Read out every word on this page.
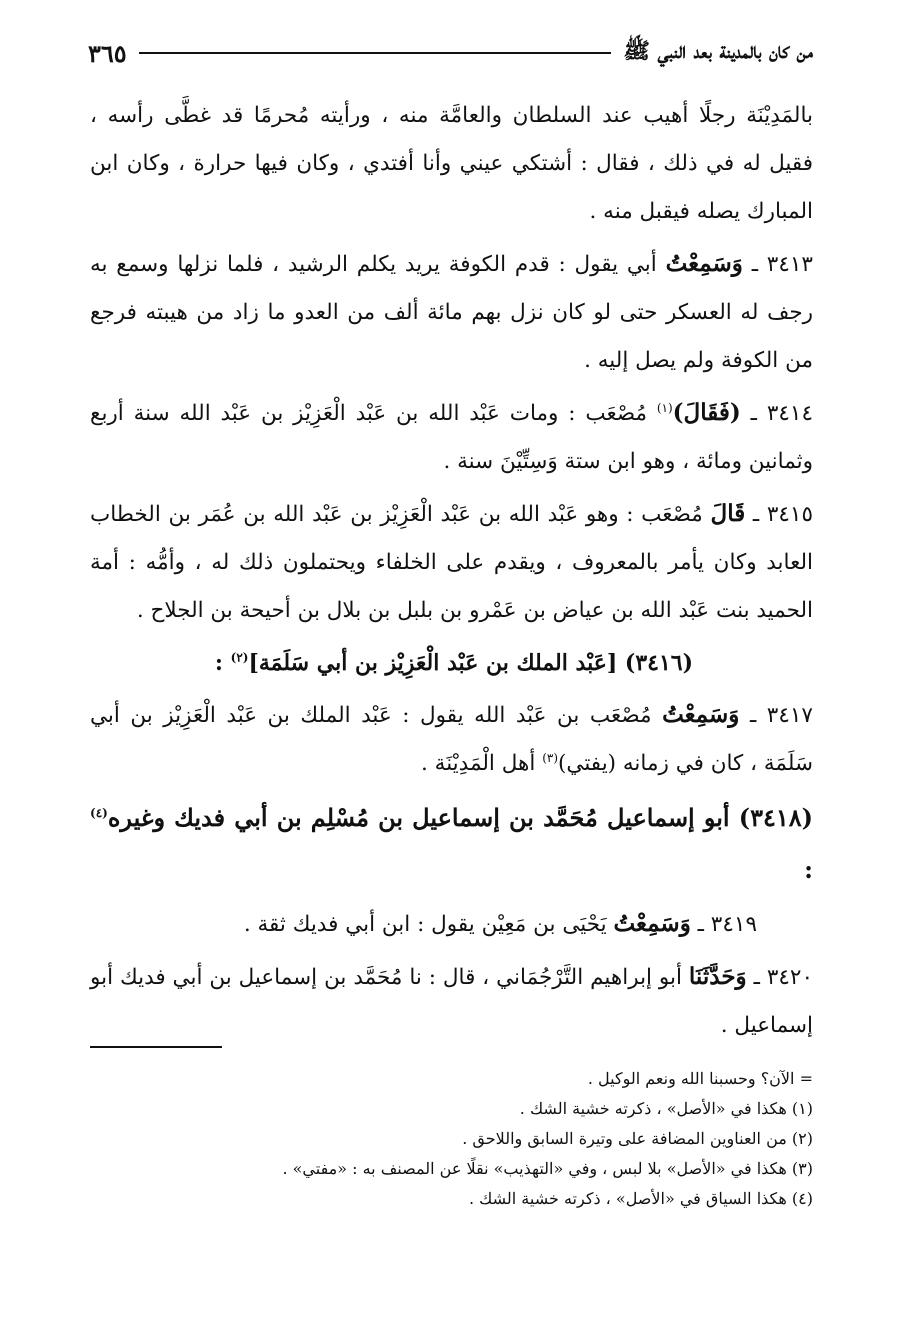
من كان بالمدينة بعد النبي ﷺ
٣٦٥

بالمَدِيْنَة رجلًا أهيب عند السلطان والعامَّة منه ، ورأيته مُحرمًا قد غطَّى رأسه ، فقيل له في ذلك ، فقال : أشتكي عيني وأنا أفتدي ، وكان فيها حرارة ، وكان ابن المبارك يصله فيقبل منه .

٣٤١٣ ـ وَسَمِعْتُ أبي يقول : قدم الكوفة يريد يكلم الرشيد ، فلما نزلها وسمع به رجف له العسكر حتى لو كان نزل بهم مائة ألف من العدو ما زاد من هيبته فرجع من الكوفة ولم يصل إليه .

٣٤١٤ ـ (فَقَالَ)$^{(١)}$ مُصْعَب : ومات عَبْد الله بن عَبْد الْعَزِيْز بن عَبْد الله سنة أربع وثمانين ومائة ، وهو ابن ستة وَسِتِّيْنَ سنة .

٣٤١٥ ـ قَالَ مُصْعَب : وهو عَبْد الله بن عَبْد الْعَزِيْز بن عَبْد الله بن عُمَر بن الخطاب العابد وكان يأمر بالمعروف ، ويقدم على الخلفاء ويحتملون ذلك له ، وأمُّه : أمة الحميد بنت عَبْد الله بن عياض بن عَمْرو بن بلبل بن بلال بن أحيحة بن الجلاح .

(٣٤١٦) [عَبْد الملك بن عَبْد الْعَزِيْز بن أبي سَلَمَة]$^{(٢)}$ :

٣٤١٧ ـ وَسَمِعْتُ مُصْعَب بن عَبْد الله يقول : عَبْد الملك بن عَبْد الْعَزِيْز بن أبي سَلَمَة ، كان في زمانه (يفتي)$^{(٣)}$ أهل الْمَدِيْنَة .

(٣٤١٨) أبو إسماعيل مُحَمَّد بن إسماعيل بن مُسْلِم بن أبي فديك وغيره$^{(٤)}$ :

٣٤١٩ ـ وَسَمِعْتُ يَحْيَى بن مَعِيْن يقول : ابن أبي فديك ثقة .

٣٤٢٠ ـ وَحَدَّثَنَا أبو إبراهيم التَّرْجُمَاني ، قال : نا مُحَمَّد بن إسماعيل بن أبي فديك أبو إسماعيل .

= الآن؟ وحسبنا الله ونعم الوكيل .
(١) هكذا في «الأصل» ، ذكرته خشية الشك .
(٢) من العناوين المضافة على وتيرة السابق واللاحق .
(٣) هكذا في «الأصل» بلا لبس ، وفي «التهذيب» نقلًا عن المصنف به : «مفتي» .
(٤) هكذا السياق في «الأصل» ، ذكرته خشية الشك .
